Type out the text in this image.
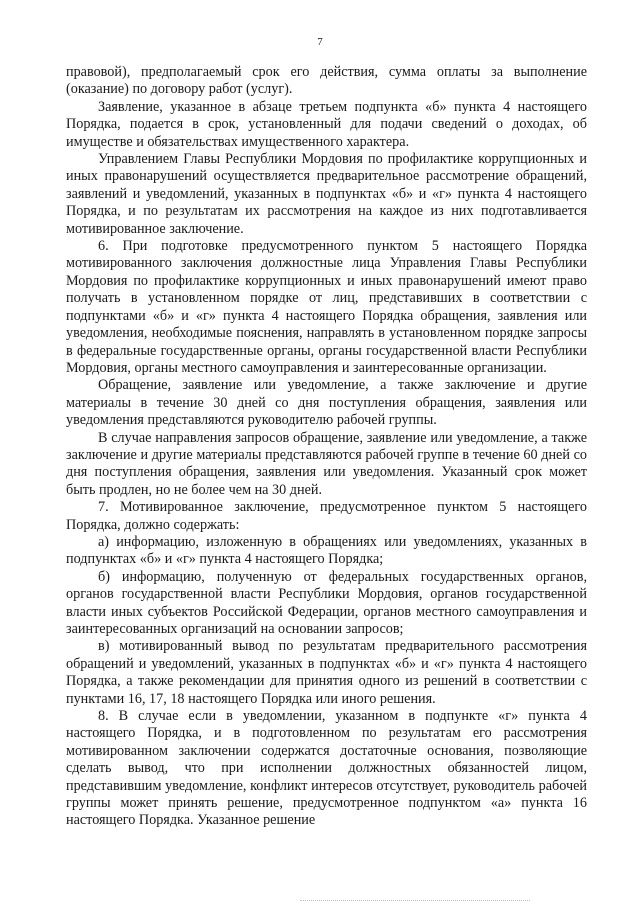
7

правовой), предполагаемый срок его действия, сумма оплаты за выполнение (оказание) по договору работ (услуг).

Заявление, указанное в абзаце третьем подпункта «б» пункта 4 настоящего Порядка, подается в срок, установленный для подачи сведений о доходах, об имуществе и обязательствах имущественного характера.

Управлением Главы Республики Мордовия по профилактике коррупционных и иных правонарушений осуществляется предварительное рассмотрение обращений, заявлений и уведомлений, указанных в подпунктах «б» и «г» пункта 4 настоящего Порядка, и по результатам их рассмотрения на каждое из них подготавливается мотивированное заключение.

6. При подготовке предусмотренного пунктом 5 настоящего Порядка мотивированного заключения должностные лица Управления Главы Республики Мордовия по профилактике коррупционных и иных правонарушений имеют право получать в установленном порядке от лиц, представивших в соответствии с подпунктами «б» и «г» пункта 4 настоящего Порядка обращения, заявления или уведомления, необходимые пояснения, направлять в установленном порядке запросы в федеральные государственные органы, органы государственной власти Республики Мордовия, органы местного самоуправления и заинтересованные организации.

Обращение, заявление или уведомление, а также заключение и другие материалы в течение 30 дней со дня поступления обращения, заявления или уведомления представляются руководителю рабочей группы.

В случае направления запросов обращение, заявление или уведомление, а также заключение и другие материалы представляются рабочей группе в течение 60 дней со дня поступления обращения, заявления или уведомления. Указанный срок может быть продлен, но не более чем на 30 дней.

7. Мотивированное заключение, предусмотренное пунктом 5 настоящего Порядка, должно содержать:

а) информацию, изложенную в обращениях или уведомлениях, указанных в подпунктах «б» и «г» пункта 4 настоящего Порядка;

б) информацию, полученную от федеральных государственных органов, органов государственной власти Республики Мордовия, органов государственной власти иных субъектов Российской Федерации, органов местного самоуправления и заинтересованных организаций на основании запросов;

в) мотивированный вывод по результатам предварительного рассмотрения обращений и уведомлений, указанных в подпунктах «б» и «г» пункта 4 настоящего Порядка, а также рекомендации для принятия одного из решений в соответствии с пунктами 16, 17, 18 настоящего Порядка или иного решения.

8. В случае если в уведомлении, указанном в подпункте «г» пункта 4 настоящего Порядка, и в подготовленном по результатам его рассмотрения мотивированном заключении содержатся достаточные основания, позволяющие сделать вывод, что при исполнении должностных обязанностей лицом, представившим уведомление, конфликт интересов отсутствует, руководитель рабочей группы может принять решение, предусмотренное подпунктом «а» пункта 16 настоящего Порядка. Указанное решение
